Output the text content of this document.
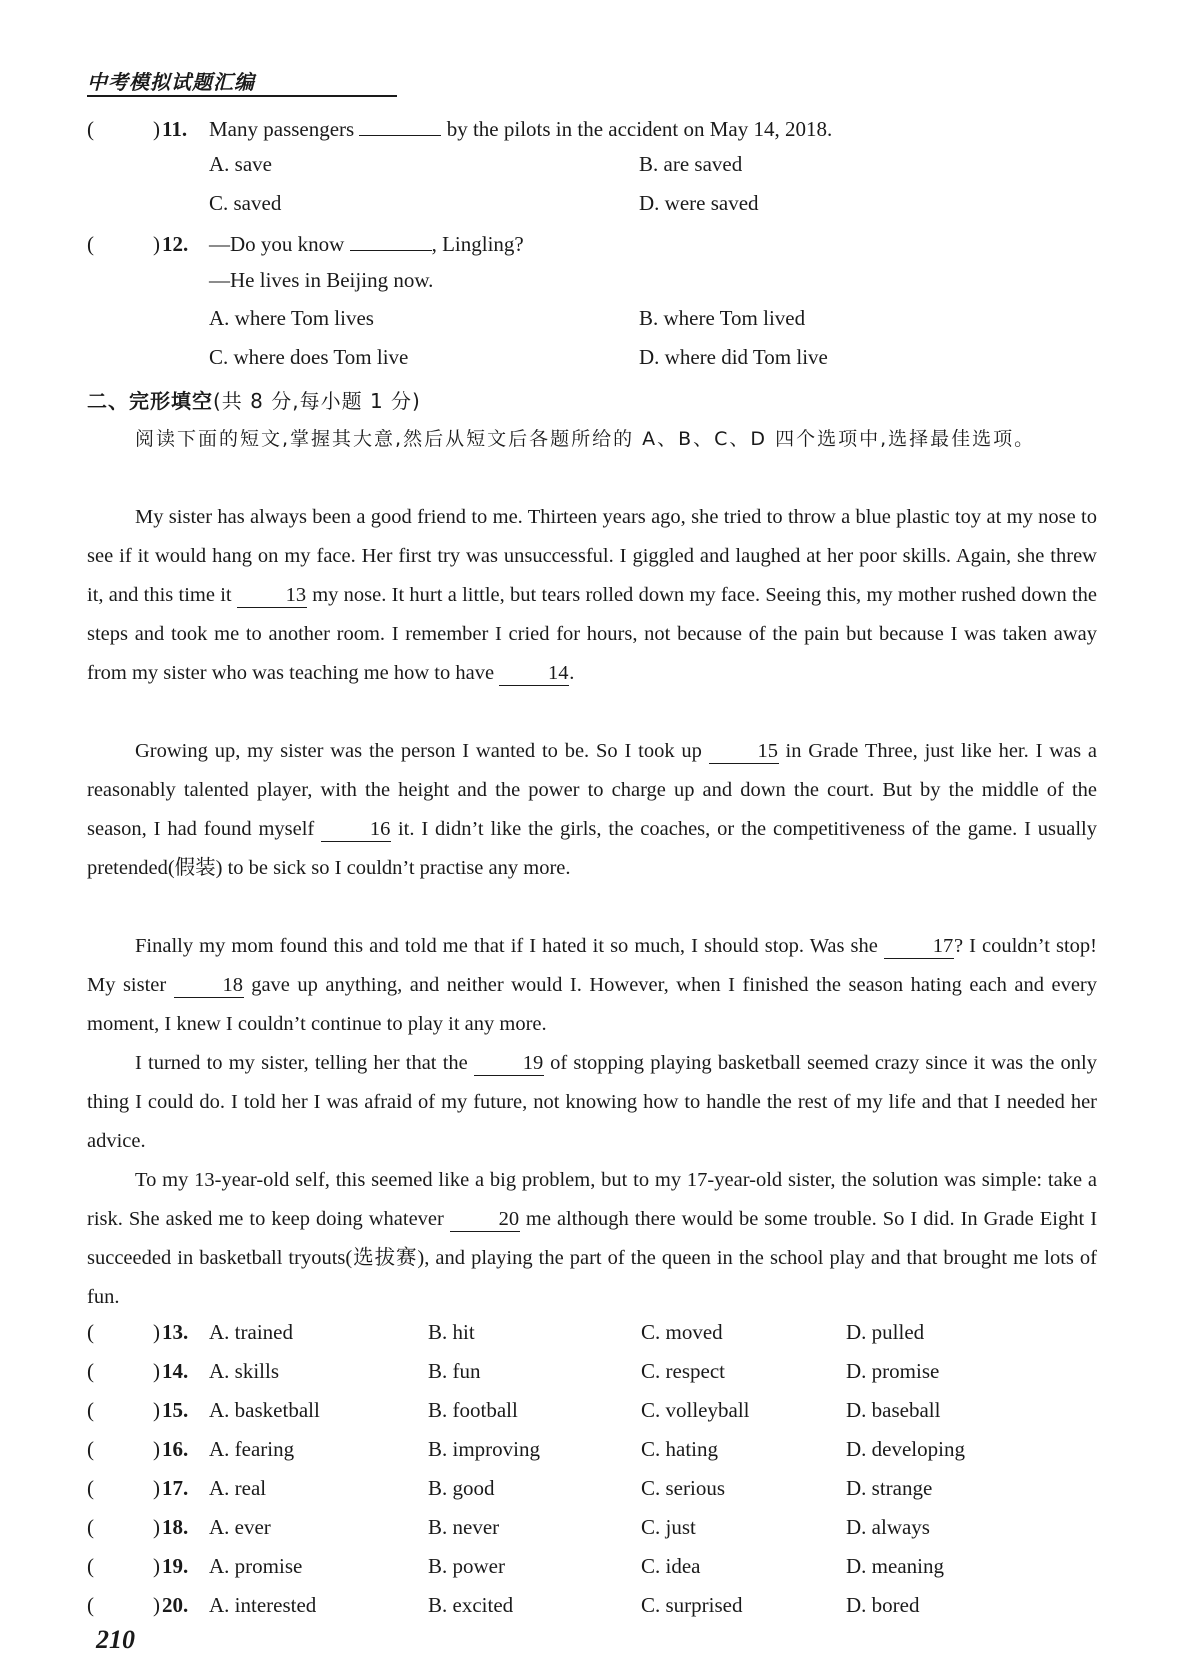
中考模拟试题汇编
(	) 11. Many passengers	by the pilots in the accident on May 14, 2018.
A. save	B. are saved
C. saved	D. were saved
(	) 12. —Do you know	, Lingling?
—He lives in Beijing now.
A. where Tom lives	B. where Tom lived
C. where does Tom live	D. where did Tom live
二、完形填空(共 8 分,每小题 1 分)
阅读下面的短文,掌握其大意,然后从短文后各题所给的 A、B、C、D 四个选项中,选择最佳选项。
My sister has always been a good friend to me. Thirteen years ago, she tried to throw a blue plastic toy at my nose to see if it would hang on my face. Her first try was unsuccessful. I giggled and laughed at her poor skills. Again, she threw it, and this time it	13 my nose. It hurt a little, but tears rolled down my face. Seeing this, my mother rushed down the steps and took me to another room. I remember I cried for hours, not because of the pain but because I was taken away from my sister who was teaching me how to have	14.
Growing up, my sister was the person I wanted to be. So I took up	15 in Grade Three, just like her. I was a reasonably talented player, with the height and the power to charge up and down the court. But by the middle of the season, I had found myself	16 it. I didn’t like the girls, the coaches, or the competitiveness of the game. I usually pretended(假装) to be sick so I couldn’t practise any more.
Finally my mom found this and told me that if I hated it so much, I should stop. Was she	17? I couldn’t stop! My sister	18 gave up anything, and neither would I. However, when I finished the season hating each and every moment, I knew I couldn’t continue to play it any more.
I turned to my sister, telling her that the	19 of stopping playing basketball seemed crazy since it was the only thing I could do. I told her I was afraid of my future, not knowing how to handle the rest of my life and that I needed her advice.
To my 13-year-old self, this seemed like a big problem, but to my 17-year-old sister, the solution was simple: take a risk. She asked me to keep doing whatever	20 me although there would be some trouble. So I did. In Grade Eight I succeeded in basketball tryouts(选拔赛), and playing the part of the queen in the school play and that brought me lots of fun.
(	) 13. A. trained	B. hit	C. moved	D. pulled
(	) 14. A. skills	B. fun	C. respect	D. promise
(	) 15. A. basketball	B. football	C. volleyball	D. baseball
(	) 16. A. fearing	B. improving	C. hating	D. developing
(	) 17. A. real	B. good	C. serious	D. strange
(	) 18. A. ever	B. never	C. just	D. always
(	) 19. A. promise	B. power	C. idea	D. meaning
(	) 20. A. interested	B. excited	C. surprised	D. bored
210
